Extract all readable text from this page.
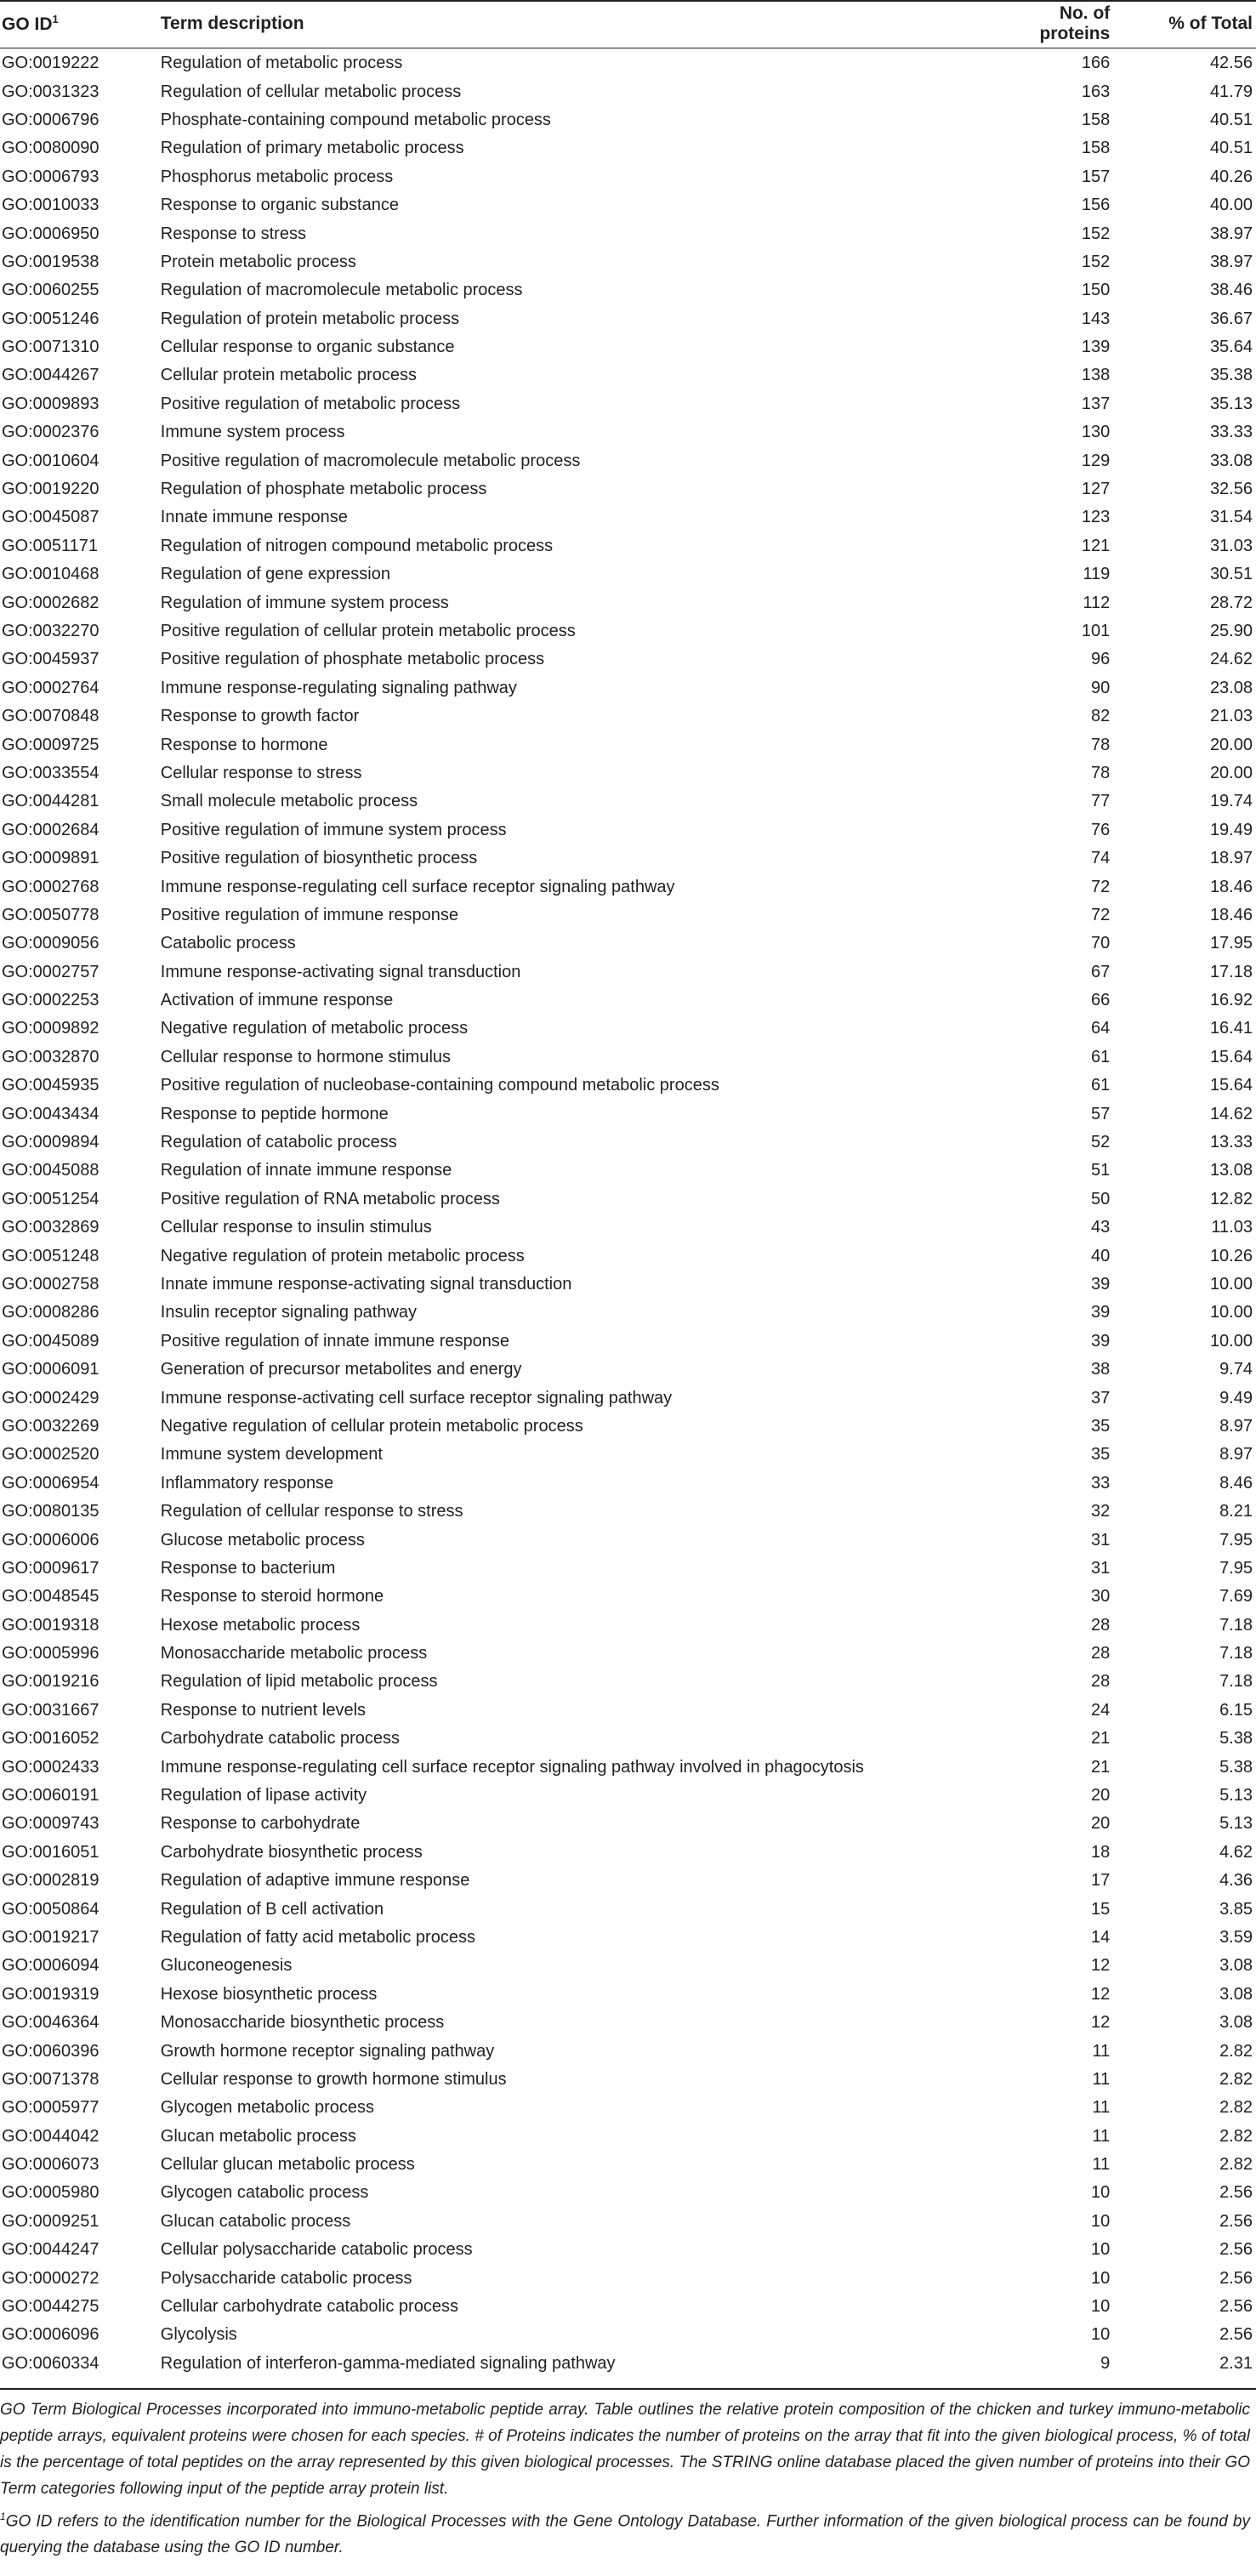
GO $ID^1$	Term description	No. of proteins	% of Total
GO:0019222	Regulation of metabolic process	166	42.56
GO:0031323	Regulation of cellular metabolic process	163	41.79
GO:0006796	Phosphate-containing compound metabolic process	158	40.51
GO:0080090	Regulation of primary metabolic process	158	40.51
GO:0006793	Phosphorus metabolic process	157	40.26
GO:0010033	Response to organic substance	156	40.00
GO:0006950	Response to stress	152	38.97
GO:0019538	Protein metabolic process	152	38.97
GO:0060255	Regulation of macromolecule metabolic process	150	38.46
GO:0051246	Regulation of protein metabolic process	143	36.67
GO:0071310	Cellular response to organic substance	139	35.64
GO:0044267	Cellular protein metabolic process	138	35.38
GO:0009893	Positive regulation of metabolic process	137	35.13
GO:0002376	Immune system process	130	33.33
GO:0010604	Positive regulation of macromolecule metabolic process	129	33.08
GO:0019220	Regulation of phosphate metabolic process	127	32.56
GO:0045087	Innate immune response	123	31.54
GO:0051171	Regulation of nitrogen compound metabolic process	121	31.03
GO:0010468	Regulation of gene expression	119	30.51
GO:0002682	Regulation of immune system process	112	28.72
GO:0032270	Positive regulation of cellular protein metabolic process	101	25.90
GO:0045937	Positive regulation of phosphate metabolic process	96	24.62
GO:0002764	Immune response-regulating signaling pathway	90	23.08
GO:0070848	Response to growth factor	82	21.03
GO:0009725	Response to hormone	78	20.00
GO:0033554	Cellular response to stress	78	20.00
GO:0044281	Small molecule metabolic process	77	19.74
GO:0002684	Positive regulation of immune system process	76	19.49
GO:0009891	Positive regulation of biosynthetic process	74	18.97
GO:0002768	Immune response-regulating cell surface receptor signaling pathway	72	18.46
GO:0050778	Positive regulation of immune response	72	18.46
GO:0009056	Catabolic process	70	17.95
GO:0002757	Immune response-activating signal transduction	67	17.18
GO:0002253	Activation of immune response	66	16.92
GO:0009892	Negative regulation of metabolic process	64	16.41
GO:0032870	Cellular response to hormone stimulus	61	15.64
GO:0045935	Positive regulation of nucleobase-containing compound metabolic process	61	15.64
GO:0043434	Response to peptide hormone	57	14.62
GO:0009894	Regulation of catabolic process	52	13.33
GO:0045088	Regulation of innate immune response	51	13.08
GO:0051254	Positive regulation of RNA metabolic process	50	12.82
GO:0032869	Cellular response to insulin stimulus	43	11.03
GO:0051248	Negative regulation of protein metabolic process	40	10.26
GO:0002758	Innate immune response-activating signal transduction	39	10.00
GO:0008286	Insulin receptor signaling pathway	39	10.00
GO:0045089	Positive regulation of innate immune response	39	10.00
GO:0006091	Generation of precursor metabolites and energy	38	9.74
GO:0002429	Immune response-activating cell surface receptor signaling pathway	37	9.49
GO:0032269	Negative regulation of cellular protein metabolic process	35	8.97
GO:0002520	Immune system development	35	8.97
GO:0006954	Inflammatory response	33	8.46
GO:0080135	Regulation of cellular response to stress	32	8.21
GO:0006006	Glucose metabolic process	31	7.95
GO:0009617	Response to bacterium	31	7.95
GO:0048545	Response to steroid hormone	30	7.69
GO:0019318	Hexose metabolic process	28	7.18
GO:0005996	Monosaccharide metabolic process	28	7.18
GO:0019216	Regulation of lipid metabolic process	28	7.18
GO:0031667	Response to nutrient levels	24	6.15
GO:0016052	Carbohydrate catabolic process	21	5.38
GO:0002433	Immune response-regulating cell surface receptor signaling pathway involved in phagocytosis	21	5.38
GO:0060191	Regulation of lipase activity	20	5.13
GO:0009743	Response to carbohydrate	20	5.13
GO:0016051	Carbohydrate biosynthetic process	18	4.62
GO:0002819	Regulation of adaptive immune response	17	4.36
GO:0050864	Regulation of B cell activation	15	3.85
GO:0019217	Regulation of fatty acid metabolic process	14	3.59
GO:0006094	Gluconeogenesis	12	3.08
GO:0019319	Hexose biosynthetic process	12	3.08
GO:0046364	Monosaccharide biosynthetic process	12	3.08
GO:0060396	Growth hormone receptor signaling pathway	11	2.82
GO:0071378	Cellular response to growth hormone stimulus	11	2.82
GO:0005977	Glycogen metabolic process	11	2.82
GO:0044042	Glucan metabolic process	11	2.82
GO:0006073	Cellular glucan metabolic process	11	2.82
GO:0005980	Glycogen catabolic process	10	2.56
GO:0009251	Glucan catabolic process	10	2.56
GO:0044247	Cellular polysaccharide catabolic process	10	2.56
GO:0000272	Polysaccharide catabolic process	10	2.56
GO:0044275	Cellular carbohydrate catabolic process	10	2.56
GO:0006096	Glycolysis	10	2.56
GO:0060334	Regulation of interferon-gamma-mediated signaling pathway	9	2.31

GO Term Biological Processes incorporated into immuno-metabolic peptide array. Table outlines the relative protein composition of the chicken and turkey immuno-metabolic peptide arrays, equivalent proteins were chosen for each species. # of Proteins indicates the number of proteins on the array that fit into the given biological process, % of total is the percentage of total peptides on the array represented by this given biological processes. The STRING online database placed the given number of proteins into their GO Term categories following input of the peptide array protein list.

$^1$GO ID refers to the identification number for the Biological Processes with the Gene Ontology Database. Further information of the given biological process can be found by querying the database using the GO ID number.
